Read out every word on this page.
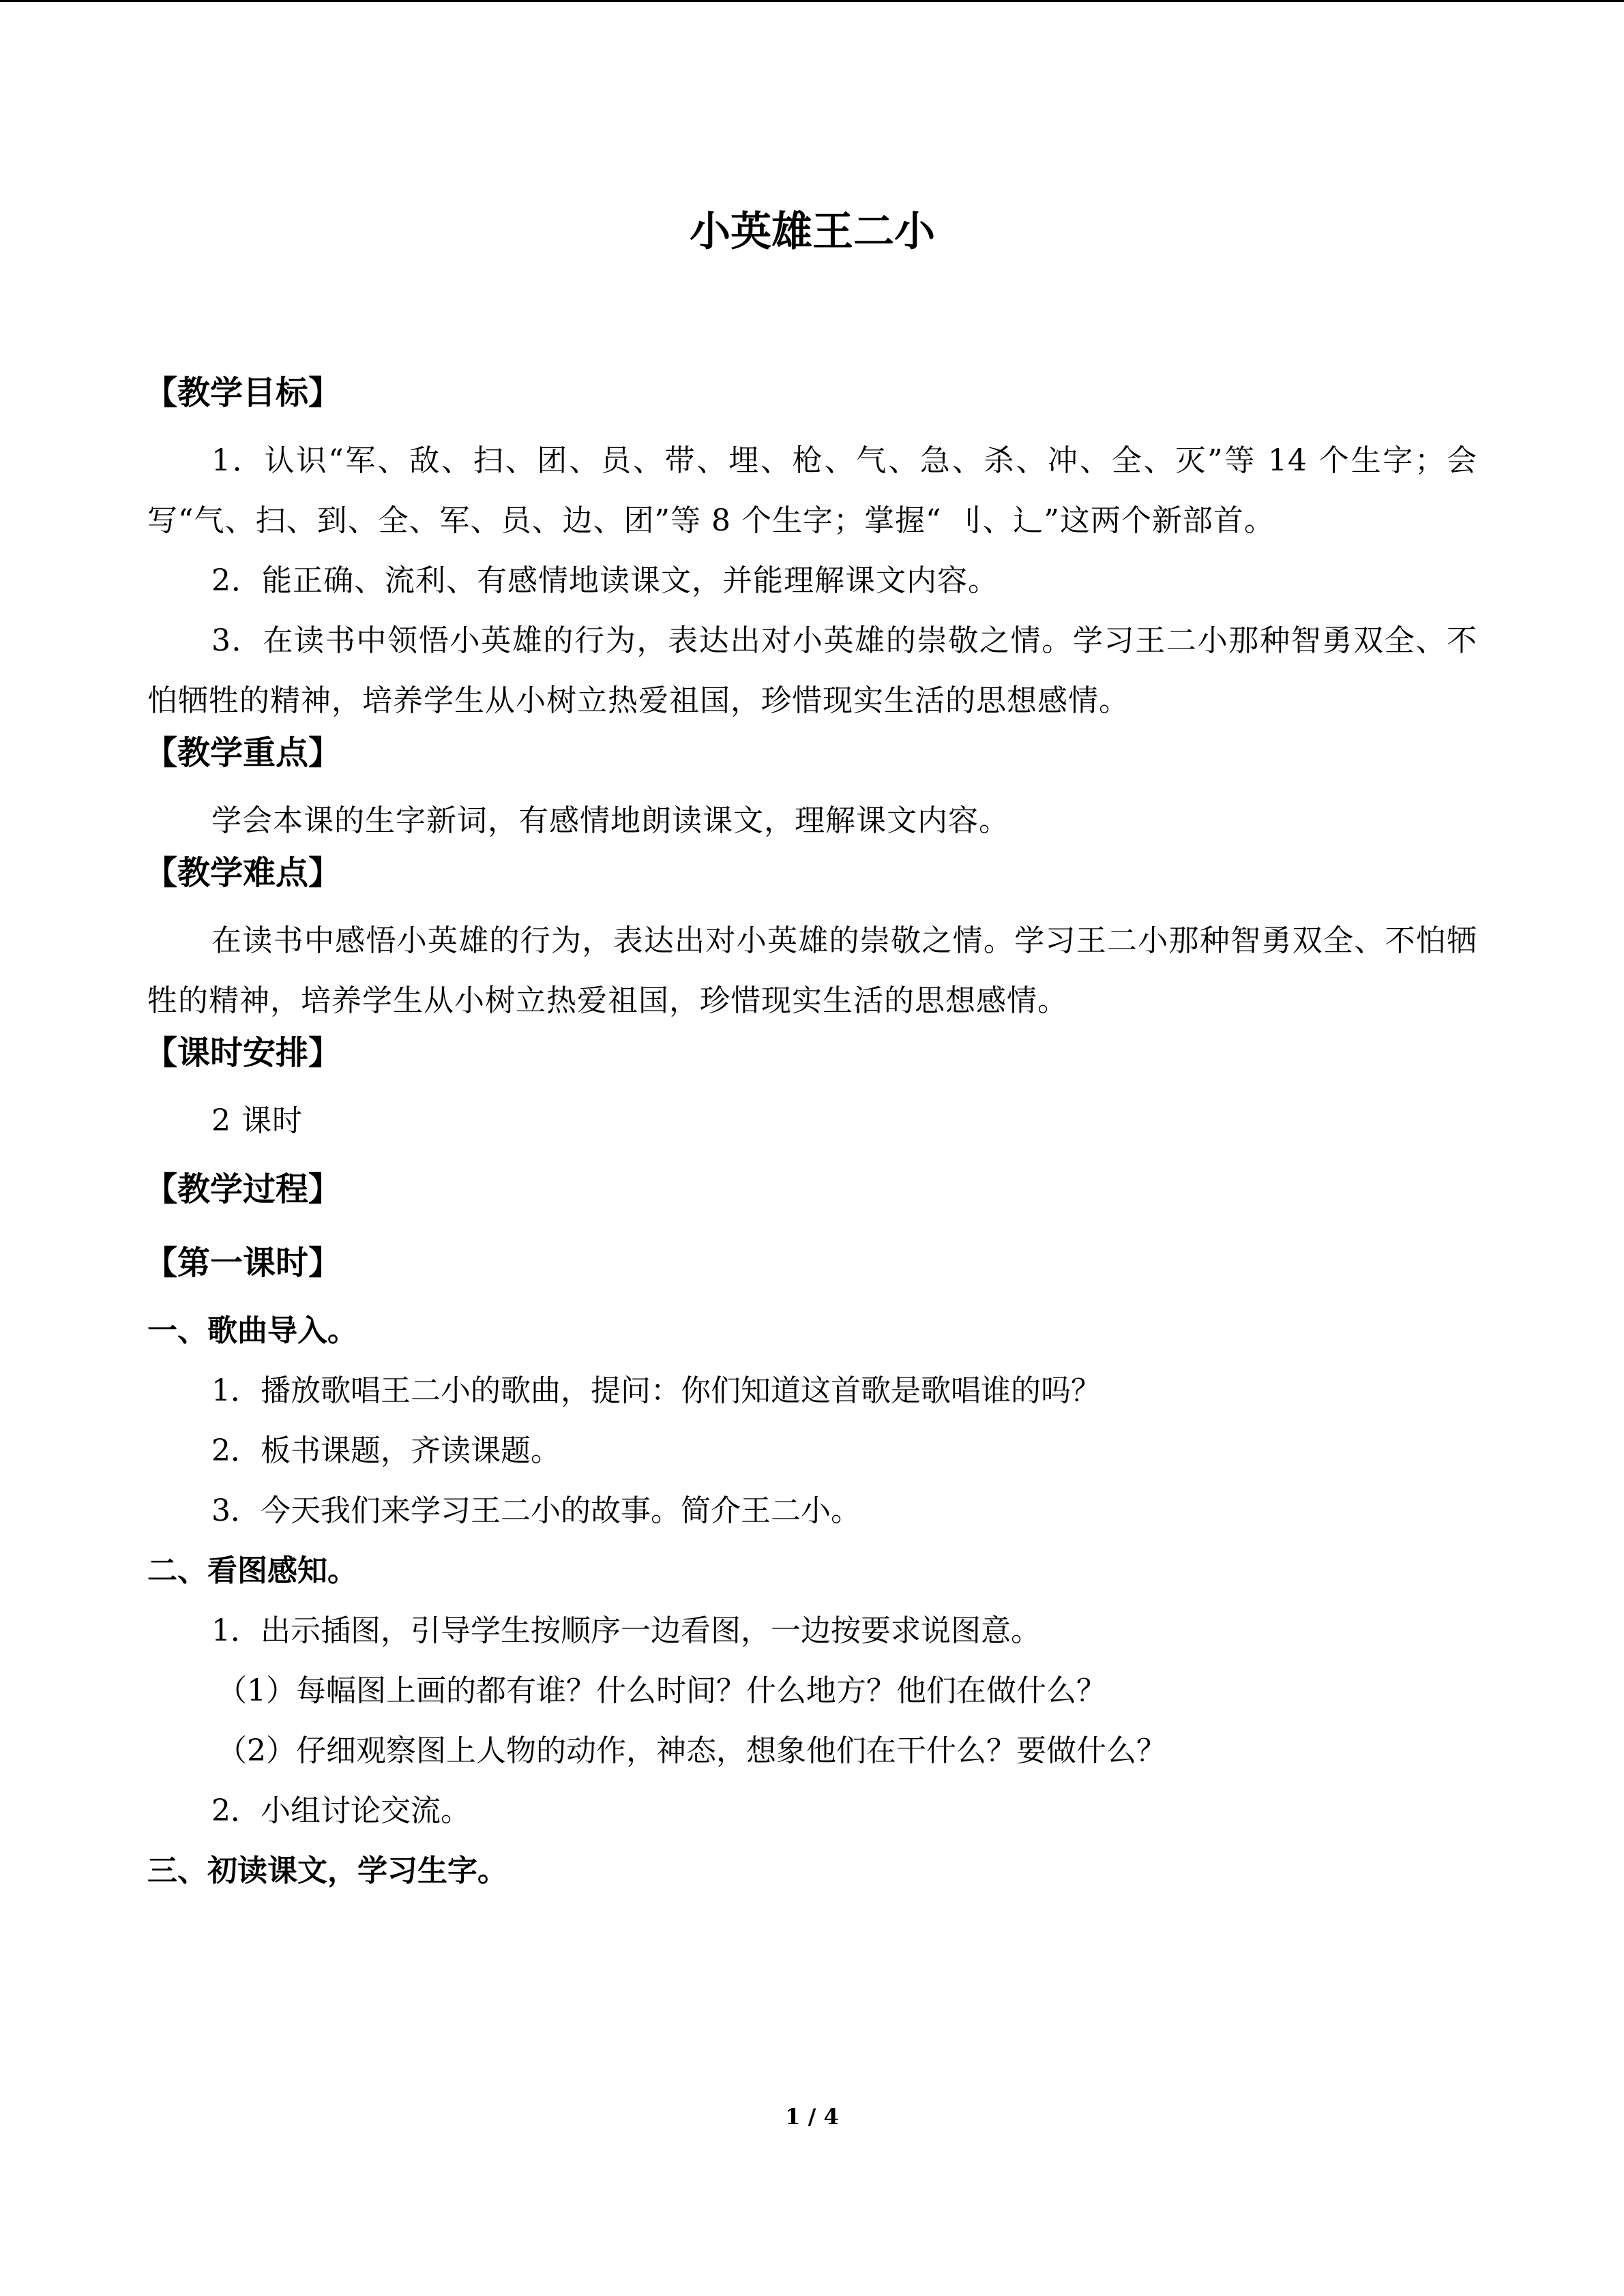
小英雄王二小
【教学目标】

1．认识“军、敌、扫、团、员、带、埋、枪、气、急、杀、冲、全、灭”等 14 个生字；会写“气、扫、到、全、军、员、边、团”等 8 个生字；掌握“ 刂、辶”这两个新部首。

2．能正确、流利、有感情地读课文，并能理解课文内容。

3．在读书中领悟小英雄的行为，表达出对小英雄的崇敬之情。学习王二小那种智勇双全、不怕牺牲的精神，培养学生从小树立热爱祖国，珍惜现实生活的思想感情。

【教学重点】

学会本课的生字新词，有感情地朗读课文，理解课文内容。

【教学难点】

在读书中感悟小英雄的行为，表达出对小英雄的崇敬之情。学习王二小那种智勇双全、不怕牺牲的精神，培养学生从小树立热爱祖国，珍惜现实生活的思想感情。

【课时安排】

2 课时

【教学过程】
【第一课时】
一、歌曲导入。

1．播放歌唱王二小的歌曲，提问：你们知道这首歌是歌唱谁的吗？

2．板书课题，齐读课题。

3．今天我们来学习王二小的故事。简介王二小。

二、看图感知。

1．出示插图，引导学生按顺序一边看图，一边按要求说图意。

（1）每幅图上画的都有谁？什么时间？什么地方？他们在做什么？

（2）仔细观察图上人物的动作，神态，想象他们在干什么？要做什么？

2．小组讨论交流。

三、初读课文，学习生字。
1 / 4
